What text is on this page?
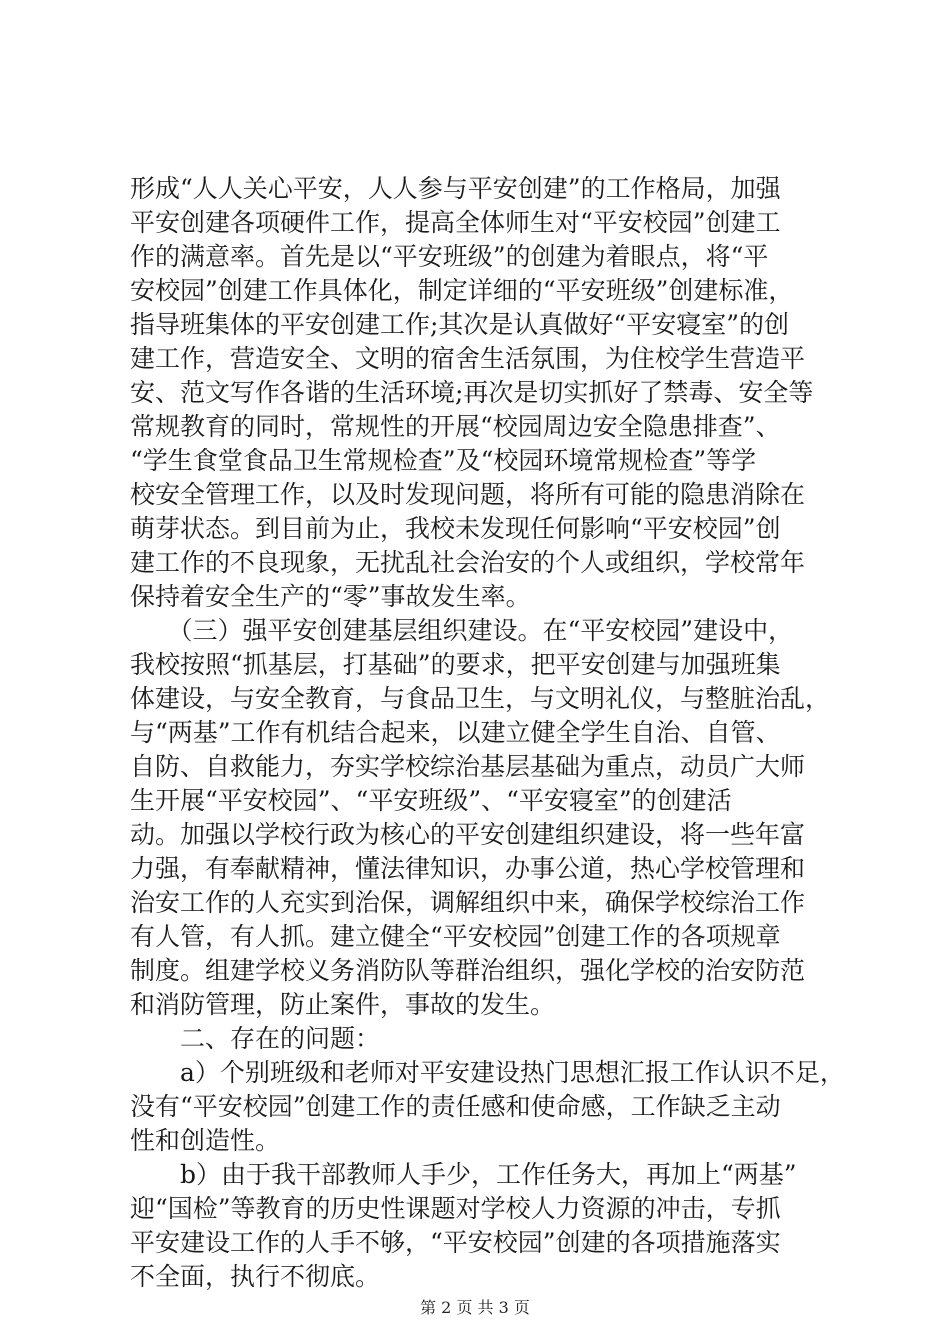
形成“人人关心平安，人人参与平安创建”的工作格局，加强
平安创建各项硬件工作，提高全体师生对“平安校园”创建工
作的满意率。首先是以“平安班级”的创建为着眼点，将“平
安校园”创建工作具体化，制定详细的“平安班级”创建标准，
指导班集体的平安创建工作;其次是认真做好“平安寝室”的创
建工作，营造安全、文明的宿舍生活氛围，为住校学生营造平
安、范文写作各谐的生活环境;再次是切实抓好了禁毒、安全等
常规教育的同时，常规性的开展“校园周边安全隐患排查”、
“学生食堂食品卫生常规检查”及“校园环境常规检查”等学
校安全管理工作，以及时发现问题，将所有可能的隐患消除在
萌芽状态。到目前为止，我校未发现任何影响“平安校园”创
建工作的不良现象，无扰乱社会治安的个人或组织，学校常年
保持着安全生产的“零”事故发生率。
　　（三）强平安创建基层组织建设。在“平安校园”建设中，
我校按照“抓基层，打基础”的要求，把平安创建与加强班集
体建设，与安全教育，与食品卫生，与文明礼仪，与整脏治乱，
与“两基”工作有机结合起来，以建立健全学生自治、自管、
自防、自救能力，夯实学校综治基层基础为重点，动员广大师
生开展“平安校园”、“平安班级”、“平安寝室”的创建活
动。加强以学校行政为核心的平安创建组织建设，将一些年富
力强，有奉献精神，懂法律知识，办事公道，热心学校管理和
治安工作的人充实到治保，调解组织中来，确保学校综治工作
有人管，有人抓。建立健全“平安校园”创建工作的各项规章
制度。组建学校义务消防队等群治组织，强化学校的治安防范
和消防管理，防止案件，事故的发生。
　　二、存在的问题：
　　a）个别班级和老师对平安建设热门思想汇报工作认识不足，
没有“平安校园”创建工作的责任感和使命感，工作缺乏主动
性和创造性。
　　b）由于我干部教师人手少，工作任务大，再加上“两基”
迎“国检”等教育的历史性课题对学校人力资源的冲击，专抓
平安建设工作的人手不够，“平安校园”创建的各项措施落实
不全面，执行不彻底。
第 2 页 共 3 页
